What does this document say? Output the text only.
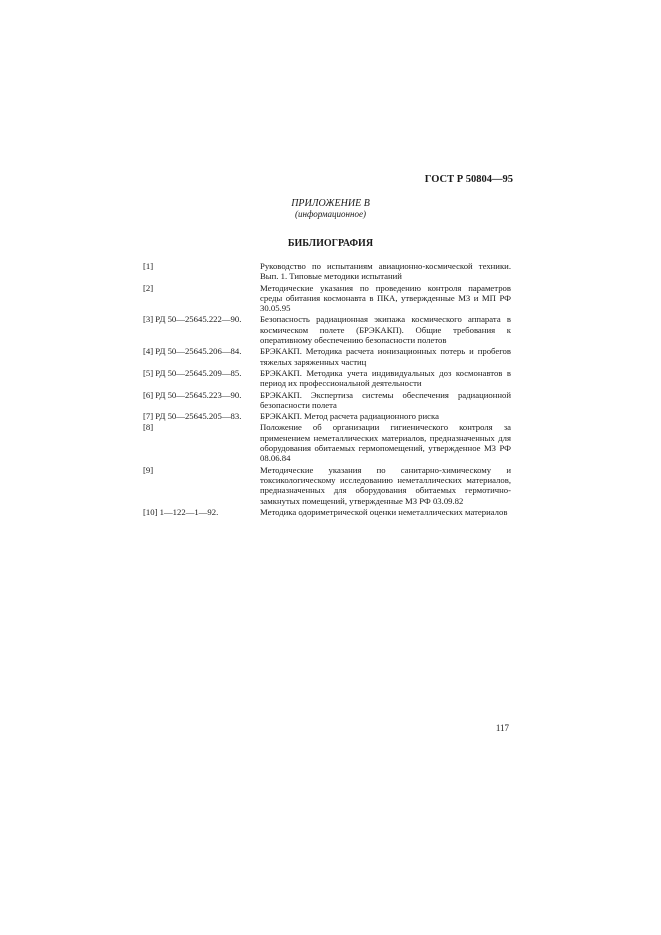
ГОСТ Р 50804—95
ПРИЛОЖЕНИЕ В
(информационное)
БИБЛИОГРАФИЯ
[1]	Руководство по испытаниям авиационно-космической техники. Вып. 1. Типовые методики испытаний
[2]	Методические указания по проведению контроля параметров среды обитания космонавта в ПКА, утвержденные МЗ и МП РФ 30.05.95
[3] РД 50—25645.222—90.	Безопасность радиационная экипажа космического аппарата в космическом полете (БРЭКАКП). Общие требования к оперативному обеспечению безопасности полетов
[4] РД 50—25645.206—84.	БРЭКАКП. Методика расчета ионизационных потерь и пробегов тяжелых заряженных частиц
[5] РД 50—25645.209—85.	БРЭКАКП. Методика учета индивидуальных доз космонавтов в период их профессиональной деятельности
[6] РД 50—25645.223—90.	БРЭКАКП. Экспертиза системы обеспечения радиационной безопасности полета
[7] РД 50—25645.205—83.	БРЭКАКП. Метод расчета радиационного риска
[8]	Положение об организации гигиенического контроля за применением неметаллических материалов, предназначенных для оборудования обитаемых гермопомещений, утвержденное МЗ РФ 08.06.84
[9]	Методические указания по санитарно-химическому и токсикологическому исследованию неметаллических материалов, предназначенных для оборудования обитаемых гермотично-замкнутых помещений, утвержденные МЗ РФ 03.09.82
[10] 1—122—1—92.	Методика одориметрической оценки неметаллических материалов
117
